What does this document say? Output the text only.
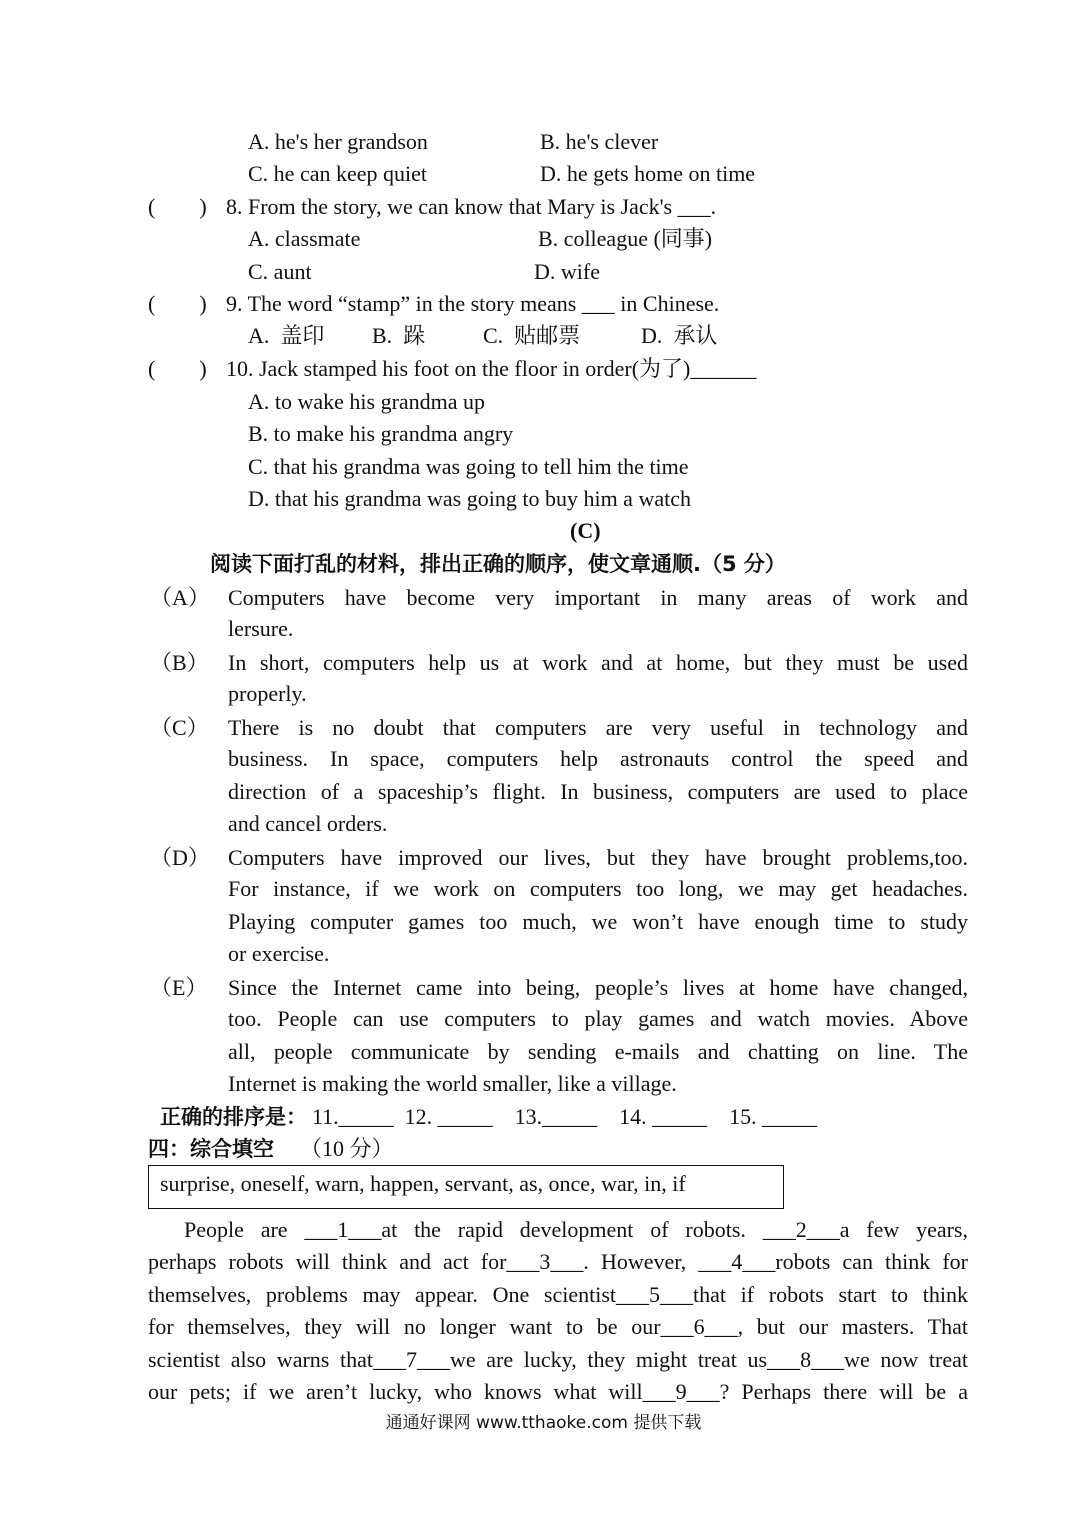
A. he's her grandson	B. he's clever
C. he can keep quiet	D. he gets home on time
(        ) 8. From the story, we can know that Mary is Jack's ___.
A. classmate	B. colleague (同事)
C. aunt	D. wife
(        ) 9. The word “stamp” in the story means ___ in Chinese.
A.  盖印 B.  跺	C.  贴邮票	D.  承认
(        ) 10. Jack stamped his foot on the floor in order(为了)______
A. to wake his grandma up
B. to make his grandma angry
C. that his grandma was going to tell him the time
D. that his grandma was going to buy him a watch
(C)
阅读下面打乱的材料，排出正确的顺序，使文章通顺.（5 分）
（A） Computers have become very important in many areas of work and
lersure.
（B） In short, computers help us at work and at home, but they must be used
properly.
（C） There is no doubt that computers are very useful in technology and
business. In space, computers help astronauts control the speed and
direction of a spaceship’s flight. In business, computers are used to place
and cancel orders.
（D） Computers have improved our lives, but they have brought problems,too.
For instance, if we work on computers too long, we may get headaches.
Playing computer games too much, we won’t have enough time to study
or exercise.
（E） Since the Internet came into being, people’s lives at home have changed,
too. People can use computers to play games and watch movies. Above
all, people communicate by sending e-mails and chatting on line. The
Internet is making the world smaller, like a village.
正确的排序是： 11._____  12. _____    13._____    14. _____    15. _____
四：综合填空 （10 分）
surprise, oneself, warn, happen, servant, as, once, war, in, if
People are ___1___at the rapid development of robots. ___2___a few years,
perhaps robots will think and act for___3___. However, ___4___robots can think for
themselves, problems may appear. One scientist___5___that if robots start to think
for themselves, they will no longer want to be our___6___, but our masters. That
scientist also warns that___7___we are lucky, they might treat us___8___we now treat
our pets; if we aren’t lucky, who knows what will___9___? Perhaps there will be a
通通好课网 www.tthaoke.com 提供下载
